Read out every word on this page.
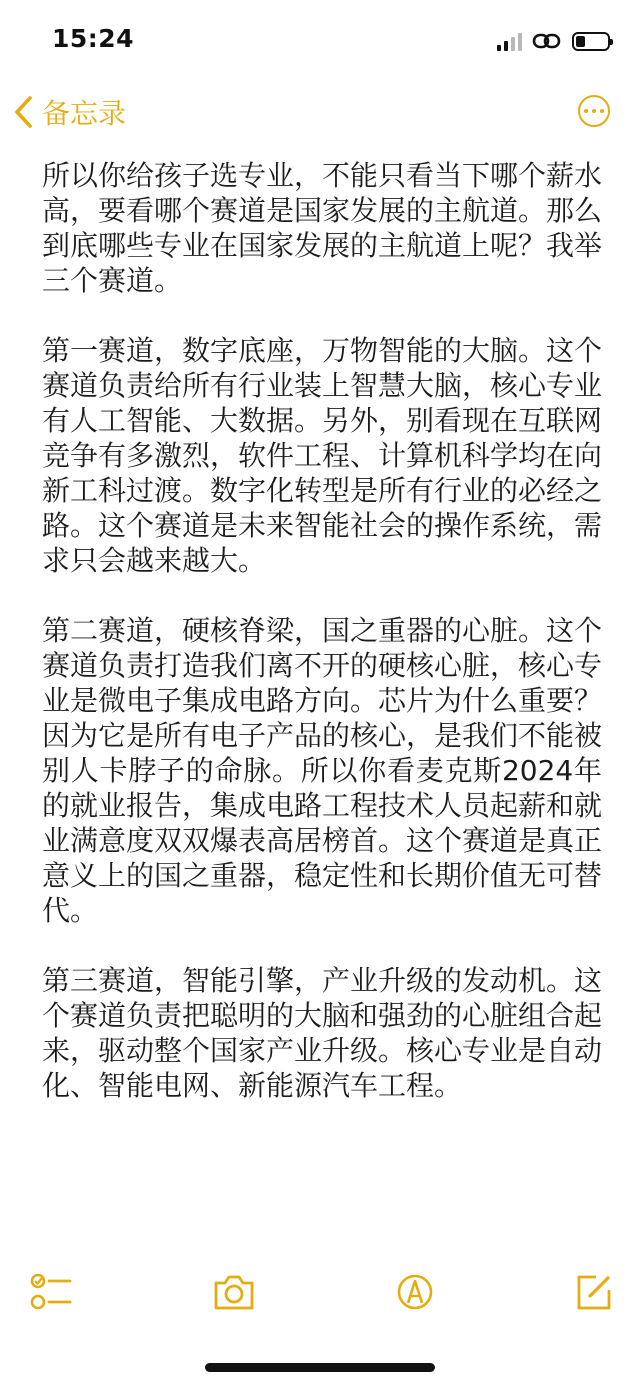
15:24
备忘录

所以你给孩子选专业，不能只看当下哪个薪水高，要看哪个赛道是国家发展的主航道。那么到底哪些专业在国家发展的主航道上呢？我举三个赛道。

第一赛道，数字底座，万物智能的大脑。这个赛道负责给所有行业装上智慧大脑，核心专业有人工智能、大数据。另外，别看现在互联网竞争有多激烈，软件工程、计算机科学均在向新工科过渡。数字化转型是所有行业的必经之路。这个赛道是未来智能社会的操作系统，需求只会越来越大。

第二赛道，硬核脊梁，国之重器的心脏。这个赛道负责打造我们离不开的硬核心脏，核心专业是微电子集成电路方向。芯片为什么重要？因为它是所有电子产品的核心，是我们不能被别人卡脖子的命脉。所以你看麦克斯2024年的就业报告，集成电路工程技术人员起薪和就业满意度双双爆表高居榜首。这个赛道是真正意义上的国之重器，稳定性和长期价值无可替代。

第三赛道，智能引擎，产业升级的发动机。这个赛道负责把聪明的大脑和强劲的心脏组合起来，驱动整个国家产业升级。核心专业是自动化、智能电网、新能源汽车工程。
